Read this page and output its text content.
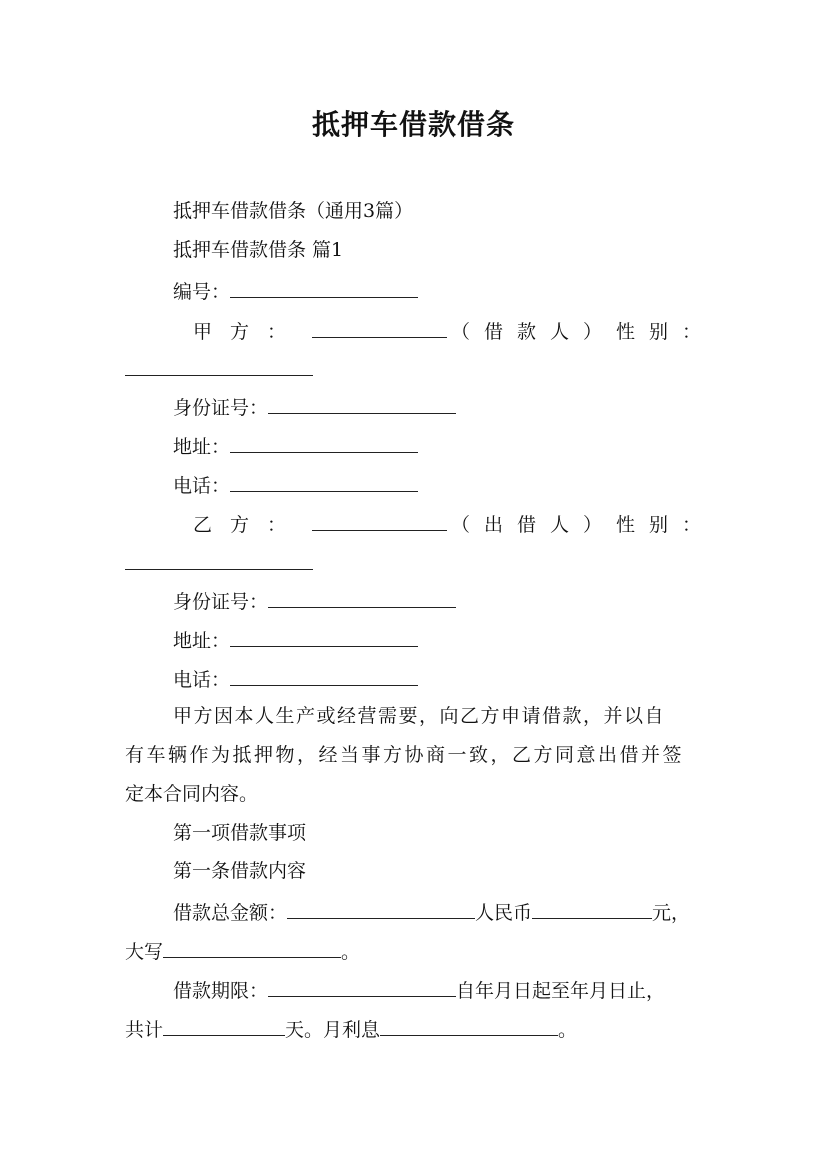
抵押车借款借条
抵押车借款借条（通用3篇）
抵押车借款借条 篇1
编号：
甲方：	（借款人） 性别：
身份证号：
地址：
电话：
乙方：	（出借人） 性别：
身份证号：
地址：
电话：
甲方因本人生产或经营需要，向乙方申请借款，并以自
有车辆作为抵押物，经当事方协商一致，乙方同意出借并签
定本合同内容。
第一项借款事项
第一条借款内容
借款总金额：	人民币	元，
大写	。
借款期限：	自年月日起至年月日止，
共计	天。月利息	。
